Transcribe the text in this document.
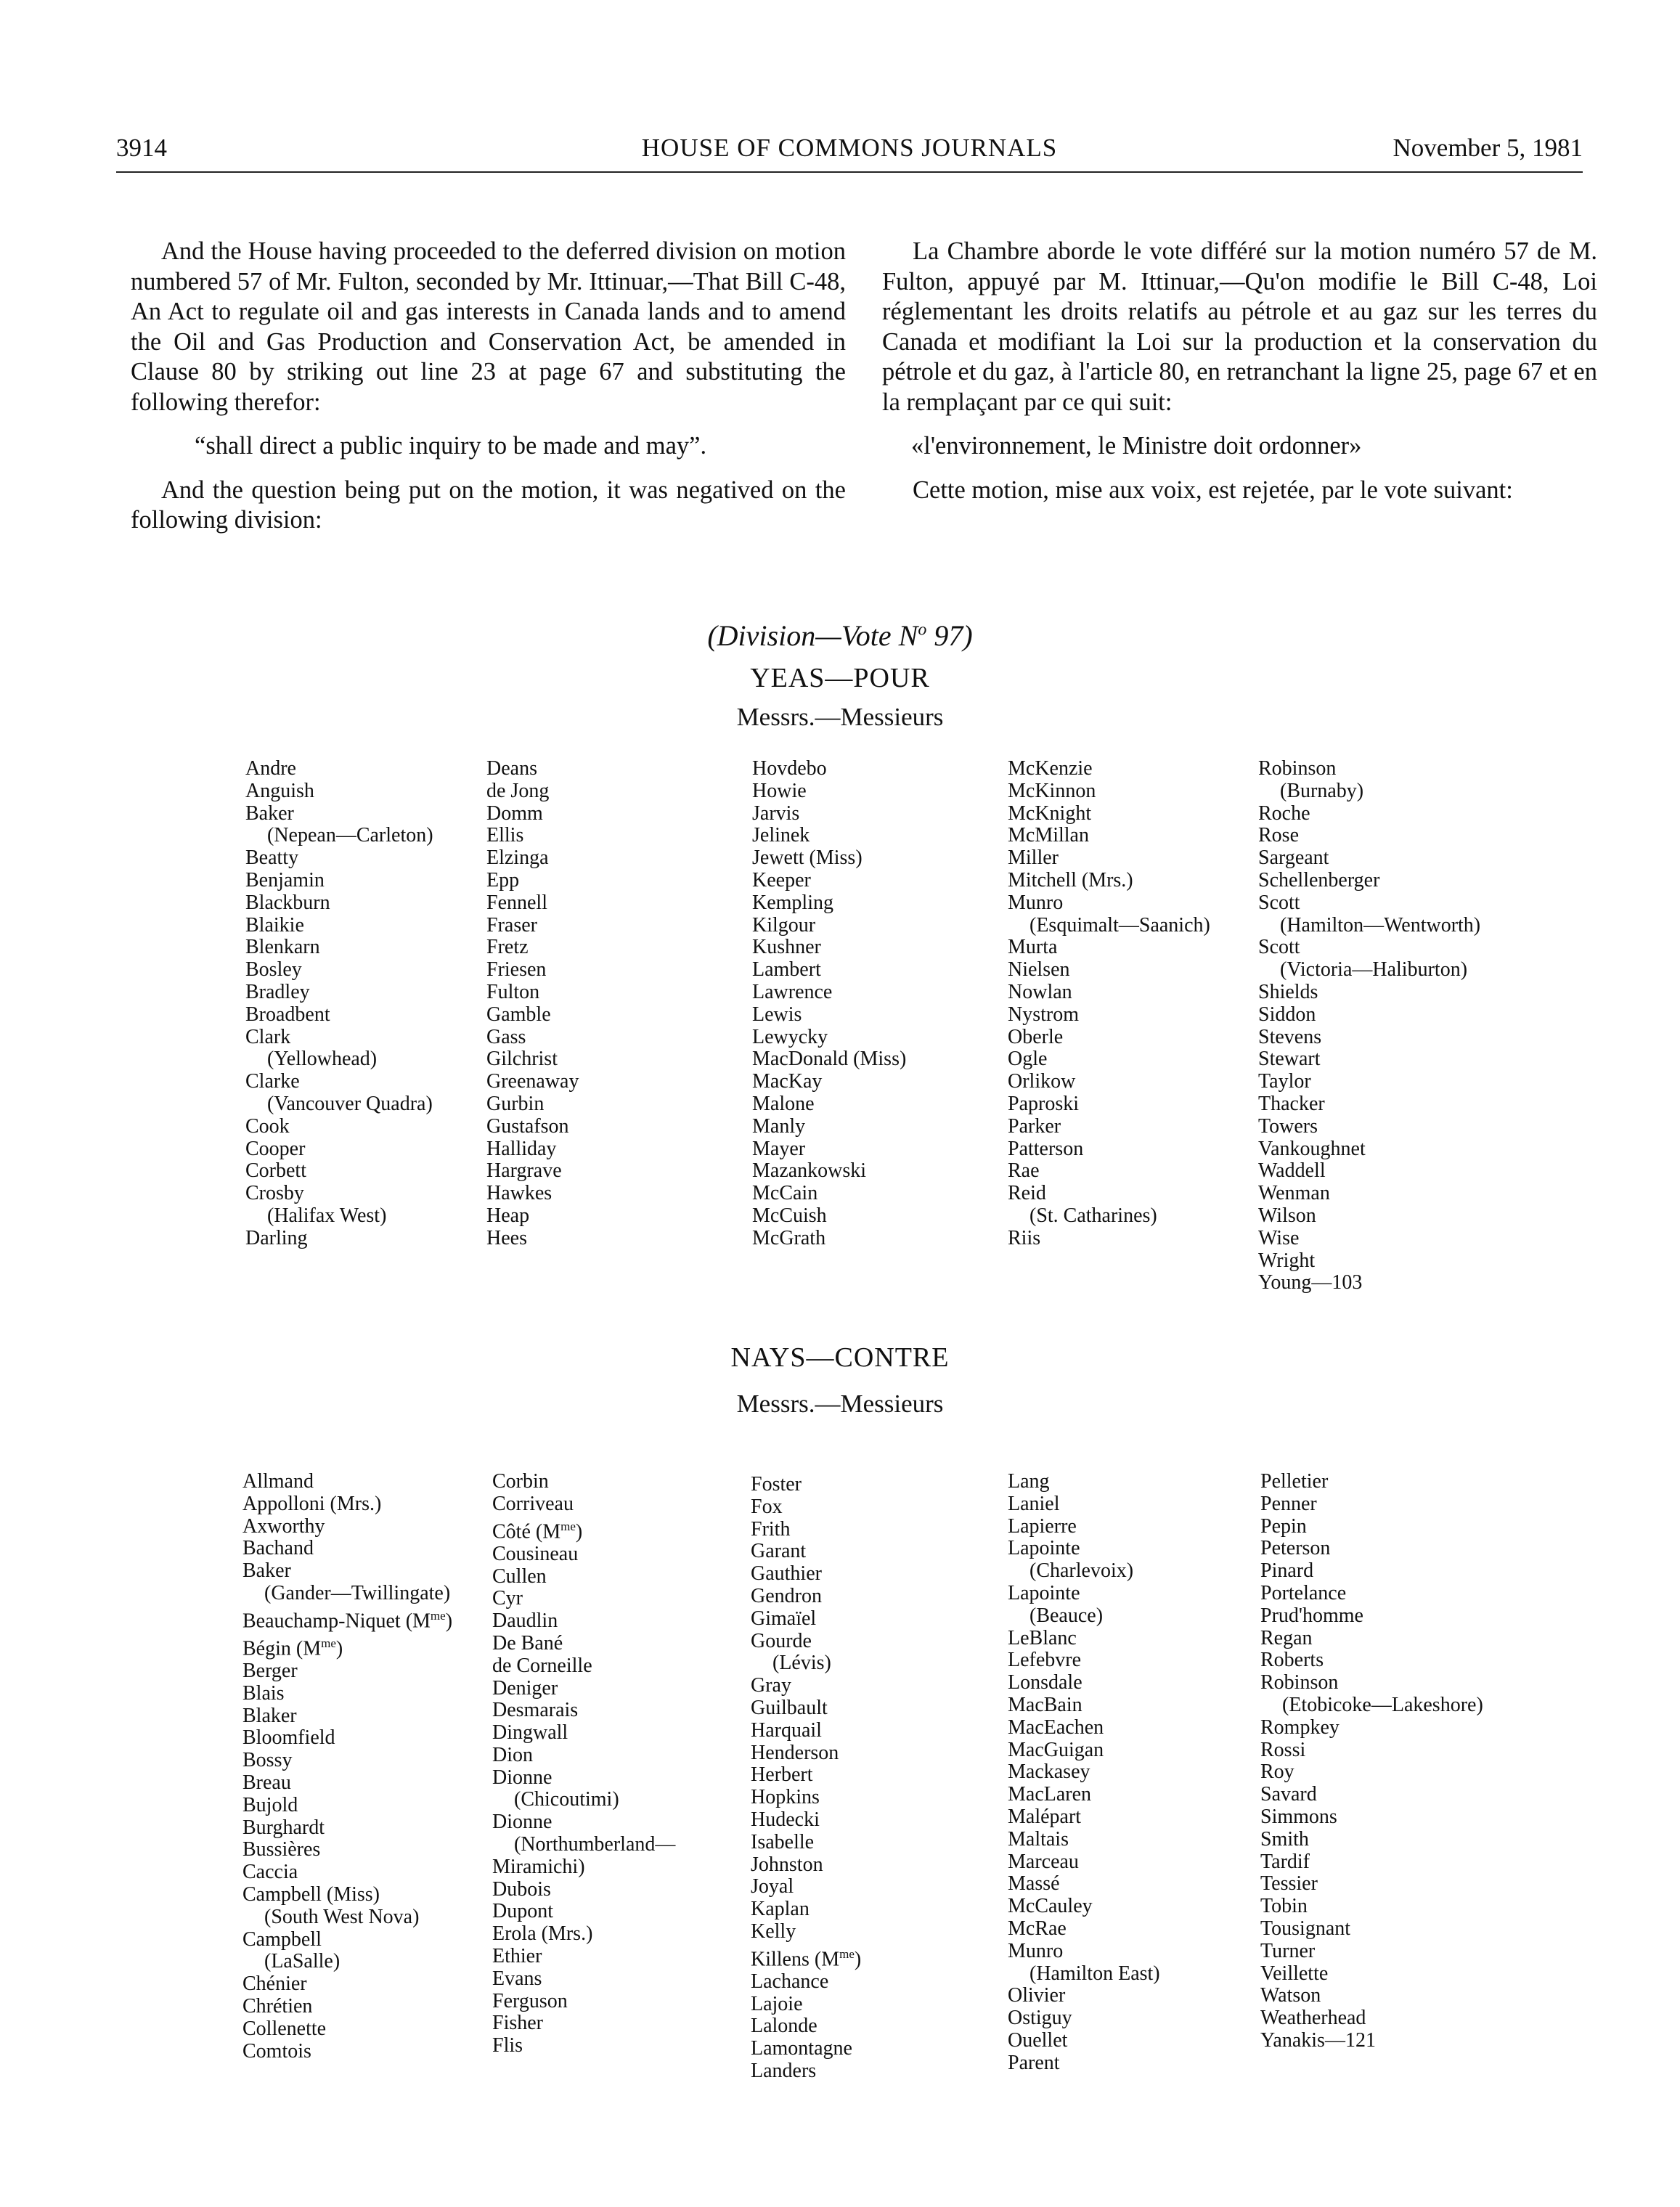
3914	HOUSE OF COMMONS JOURNALS	November 5, 1981

And the House having proceeded to the deferred division on motion numbered 57 of Mr. Fulton, seconded by Mr. Ittinuar,—That Bill C-48, An Act to regulate oil and gas interests in Canada lands and to amend the Oil and Gas Production and Conservation Act, be amended in Clause 80 by striking out line 23 at page 67 and substituting the following therefor:

“shall direct a public inquiry to be made and may”.

And the question being put on the motion, it was negatived on the following division:

La Chambre aborde le vote différé sur la motion numéro 57 de M. Fulton, appuyé par M. Ittinuar,—Qu'on modifie le Bill C-48, Loi réglementant les droits relatifs au pétrole et au gaz sur les terres du Canada et modifiant la Loi sur la production et la conservation du pétrole et du gaz, à l'article 80, en retranchant la ligne 25, page 67 et en la remplaçant par ce qui suit:

«l'environnement, le Ministre doit ordonner»

Cette motion, mise aux voix, est rejetée, par le vote suivant:

(Division—Vote $N^o$ 97)
YEAS—POUR
Messrs.—Messieurs
Andre
Anguish
Baker
(Nepean—Carleton)
Beatty
Benjamin
Blackburn
Blaikie
Blenkarn
Bosley
Bradley
Broadbent
Clark
(Yellowhead)
Clarke
(Vancouver Quadra)
Cook
Cooper
Corbett
Crosby
(Halifax West)
Darling
Deans
de Jong
Domm
Ellis
Elzinga
Epp
Fennell
Fraser
Fretz
Friesen
Fulton
Gamble
Gass
Gilchrist
Greenaway
Gurbin
Gustafson
Halliday
Hargrave
Hawkes
Heap
Hees
Hovdebo
Howie
Jarvis
Jelinek
Jewett (Miss)
Keeper
Kempling
Kilgour
Kushner
Lambert
Lawrence
Lewis
Lewycky
MacDonald (Miss)
MacKay
Malone
Manly
Mayer
Mazankowski
McCain
McCuish
McGrath
McKenzie
McKinnon
McKnight
McMillan
Miller
Mitchell (Mrs.)
Munro
(Esquimalt—Saanich)
Murta
Nielsen
Nowlan
Nystrom
Oberle
Ogle
Orlikow
Paproski
Parker
Patterson
Rae
Reid
(St. Catharines)
Riis
Robinson
(Burnaby)
Roche
Rose
Sargeant
Schellenberger
Scott
(Hamilton—Wentworth)
Scott
(Victoria—Haliburton)
Shields
Siddon
Stevens
Stewart
Taylor
Thacker
Towers
Vankoughnet
Waddell
Wenman
Wilson
Wise
Wright
Young—103
NAYS—CONTRE
Messrs.—Messieurs
Allmand
Appolloni (Mrs.)
Axworthy
Bachand
Baker
(Gander—Twillingate)
Beauchamp-Niquet $(M^{me})$
Bégin $(M^{me})$
Berger
Blais
Blaker
Bloomfield
Bossy
Breau
Bujold
Burghardt
Bussières
Caccia
Campbell (Miss)
(South West Nova)
Campbell
(LaSalle)
Chénier
Chrétien
Collenette
Comtois
Corbin
Corriveau
Côté $(M^{me})$
Cousineau
Cullen
Cyr
Daudlin
De Bané
de Corneille
Deniger
Desmarais
Dingwall
Dion
Dionne
(Chicoutimi)
Dionne
(Northumberland—
Miramichi)
Dubois
Dupont
Erola (Mrs.)
Ethier
Evans
Ferguson
Fisher
Flis
Foster
Fox
Frith
Garant
Gauthier
Gendron
Gimaïel
Gourde
(Lévis)
Gray
Guilbault
Harquail
Henderson
Herbert
Hopkins
Hudecki
Isabelle
Johnston
Joyal
Kaplan
Kelly
Killens $(M^{me})$
Lachance
Lajoie
Lalonde
Lamontagne
Landers
Lang
Laniel
Lapierre
Lapointe
(Charlevoix)
Lapointe
(Beauce)
LeBlanc
Lefebvre
Lonsdale
MacBain
MacEachen
MacGuigan
Mackasey
MacLaren
Malépart
Maltais
Marceau
Massé
McCauley
McRae
Munro
(Hamilton East)
Olivier
Ostiguy
Ouellet
Parent
Pelletier
Penner
Pepin
Peterson
Pinard
Portelance
Prud'homme
Regan
Roberts
Robinson
(Etobicoke—Lakeshore)
Rompkey
Rossi
Roy
Savard
Simmons
Smith
Tardif
Tessier
Tobin
Tousignant
Turner
Veillette
Watson
Weatherhead
Yanakis—121
